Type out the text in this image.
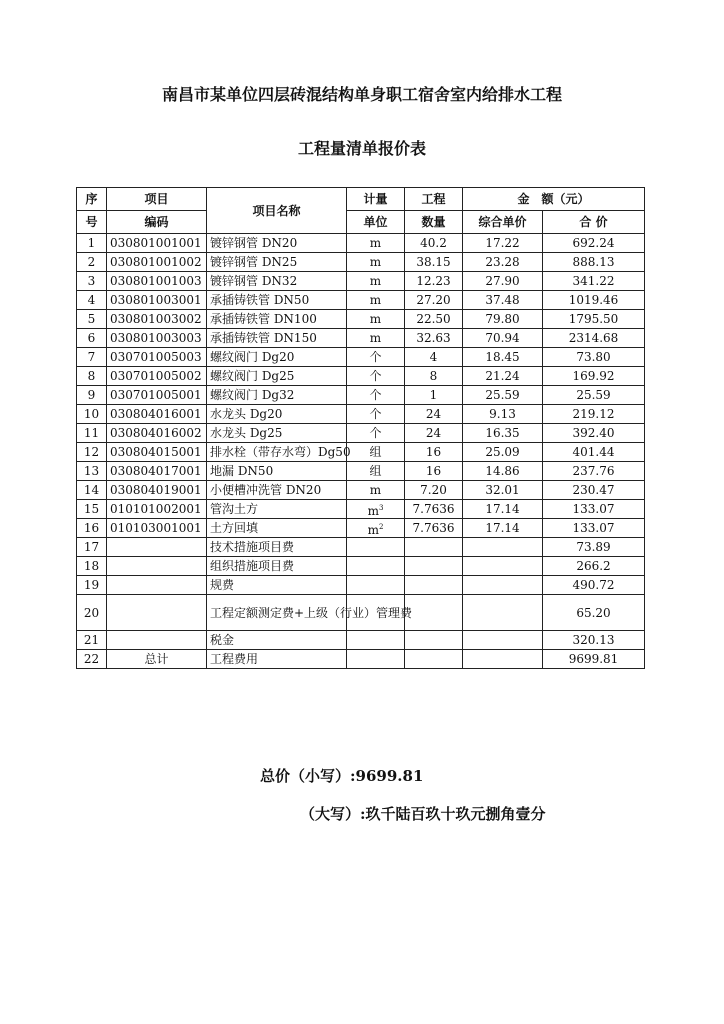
南昌市某单位四层砖混结构单身职工宿舍室内给排水工程
工程量清单报价表
序	项目	项目名称	计量	工程	金　额（元）	
号	编码		单位	数量	综合单价	合 价
1	030801001001	镀锌钢管 DN20	m	40.2	17.22	692.24
2	030801001002	镀锌钢管 DN25	m	38.15	23.28	888.13
3	030801001003	镀锌钢管 DN32	m	12.23	27.90	341.22
4	030801003001	承插铸铁管 DN50	m	27.20	37.48	1019.46
5	030801003002	承插铸铁管 DN100	m	22.50	79.80	1795.50
6	030801003003	承插铸铁管 DN150	m	32.63	70.94	2314.68
7	030701005003	螺纹阀门 Dg20	个	4	18.45	73.80
8	030701005002	螺纹阀门 Dg25	个	8	21.24	169.92
9	030701005001	螺纹阀门 Dg32	个	1	25.59	25.59
10	030804016001	水龙头 Dg20	个	24	9.13	219.12
11	030804016002	水龙头 Dg25	个	24	16.35	392.40
12	030804015001	排水栓（带存水弯）Dg50	组	16	25.09	401.44
13	030804017001	地漏 DN50	组	16	14.86	237.76
14	030804019001	小便槽冲洗管 DN20	m	7.20	32.01	230.47
15	010101002001	管沟土方	$m^3$	7.7636	17.14	133.07
16	010103001001	土方回填	$m^2$	7.7636	17.14	133.07
17		技术措施项目费				73.89
18		组织措施项目费				266.2
19		规费				490.72
20		工程定额测定费+上级（行业）管理费				65.20
21		税金				320.13
22	总计	工程费用				9699.81
总价（小写）:9699.81
（大写）:玖千陆百玖十玖元捌角壹分
